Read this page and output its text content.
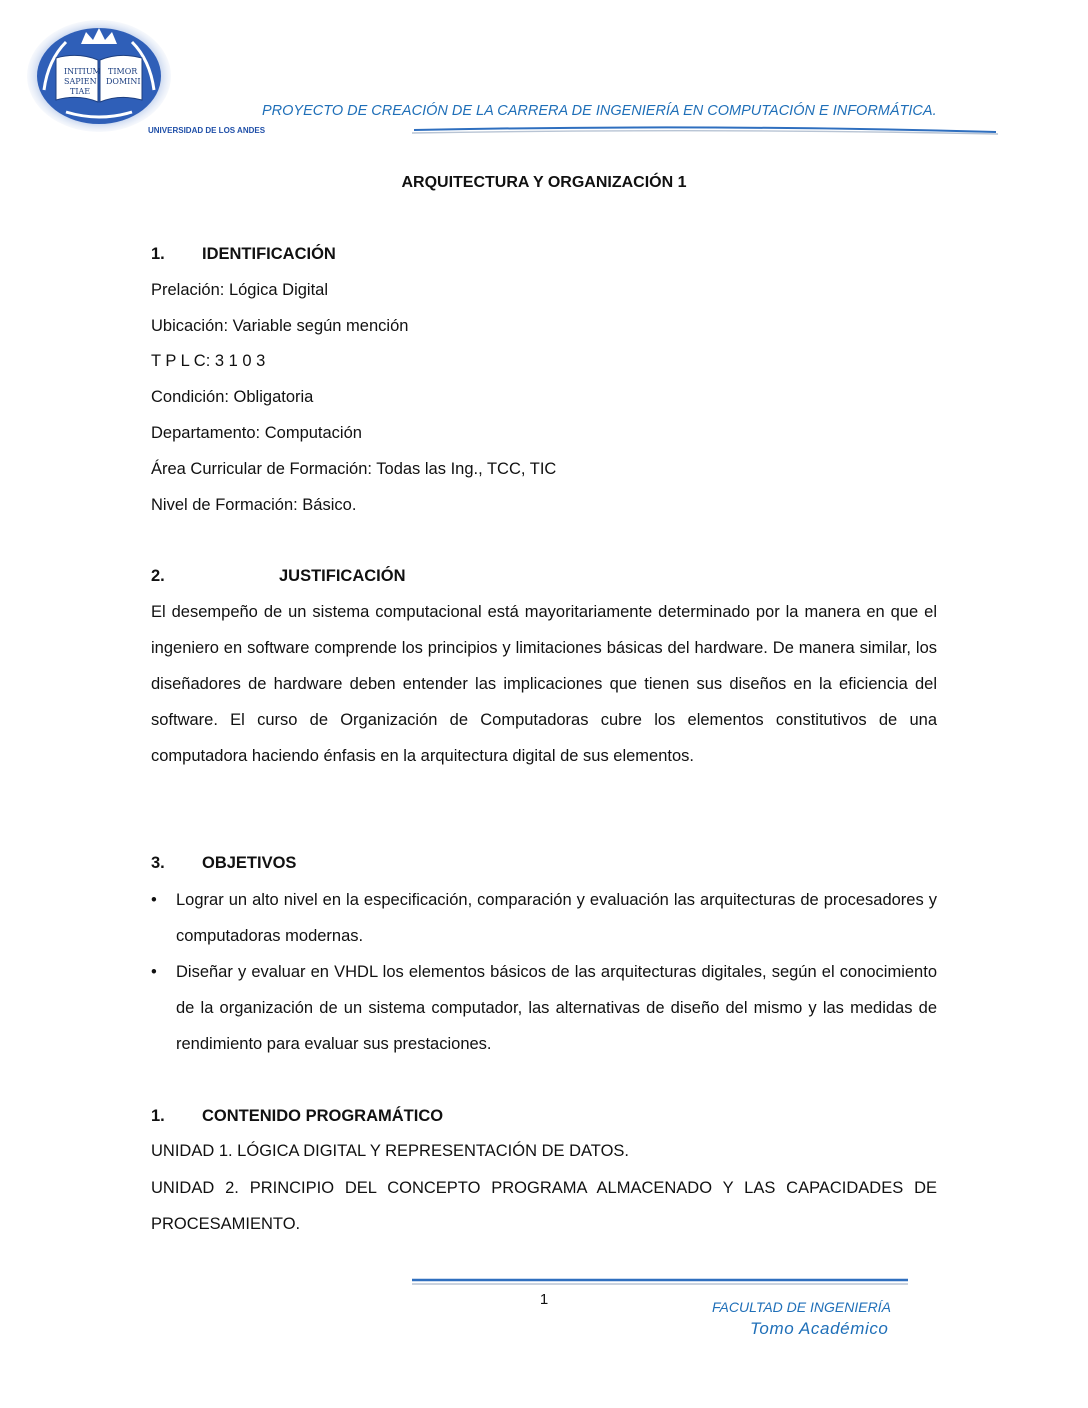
INITIUM
SAPIEN
TIAE
TIMOR
DOMINI
UNIVERSIDAD DE LOS ANDES
PROYECTO DE CREACIÓN DE LA CARRERA DE INGENIERÍA EN COMPUTACIÓN E INFORMÁTICA.
ARQUITECTURA Y ORGANIZACIÓN 1
1. IDENTIFICACIÓN
Prelación: Lógica Digital
Ubicación: Variable según mención
T P L C: 3 1 0 3
Condición: Obligatoria
Departamento: Computación
Área Curricular de Formación: Todas las Ing., TCC, TIC
Nivel de Formación: Básico.
2.	JUSTIFICACIÓN

El desempeño de un sistema computacional está mayoritariamente determinado por la manera en que el ingeniero en software comprende los principios y limitaciones básicas del hardware. De manera similar, los diseñadores de hardware deben entender las implicaciones que tienen sus diseños en la eficiencia del software. El curso de Organización de Computadoras cubre los elementos constitutivos de una computadora haciendo énfasis en la arquitectura digital de sus elementos.

3. OBJETIVOS
• Lograr un alto nivel en la especificación, comparación y evaluación las arquitecturas de procesadores y computadoras modernas.
• Diseñar y evaluar en VHDL los elementos básicos de las arquitecturas digitales, según el conocimiento de la organización de un sistema computador, las alternativas de diseño del mismo y las medidas de rendimiento para evaluar sus prestaciones.
1. CONTENIDO PROGRAMÁTICO
UNIDAD 1. LÓGICA DIGITAL Y REPRESENTACIÓN DE DATOS.

UNIDAD 2. PRINCIPIO DEL CONCEPTO PROGRAMA ALMACENADO Y LAS CAPACIDADES DE PROCESAMIENTO.

1	FACULTAD DE INGENIERÍA
Tomo Académico
